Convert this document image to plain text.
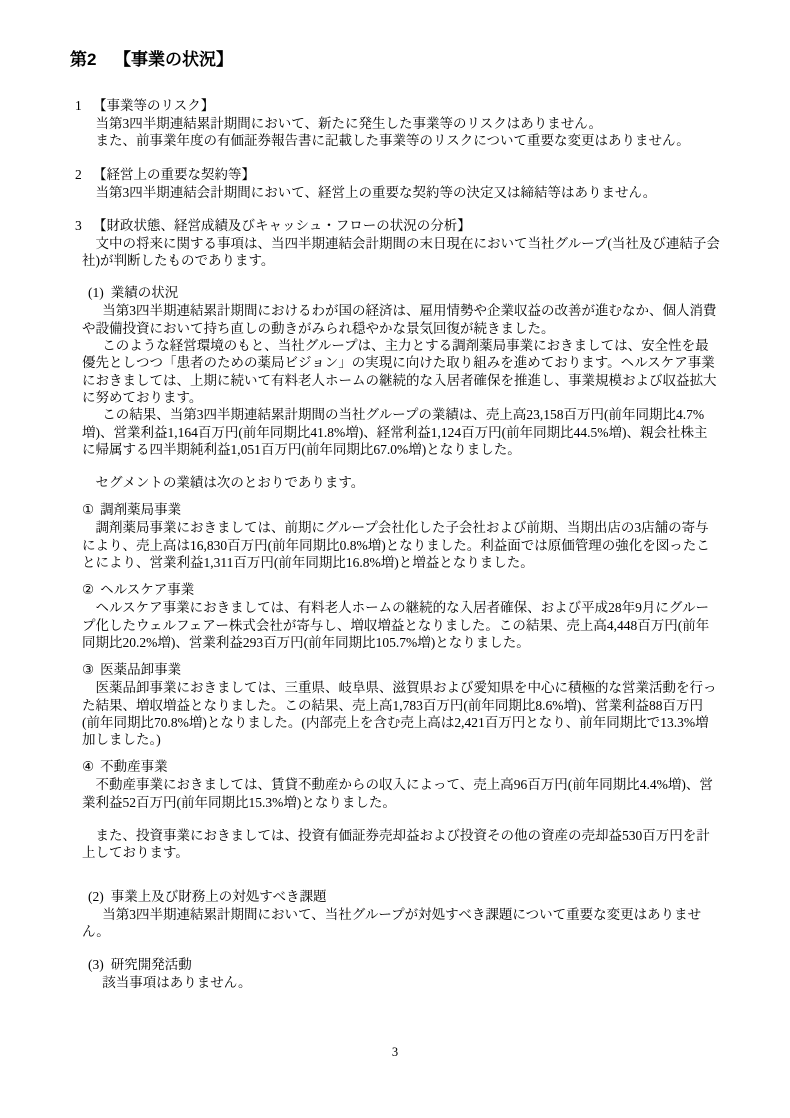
第2	【事業の状況】
1 【事業等のリスク】

当第3四半期連結累計期間において、新たに発生した事業等のリスクはありません。

また、前事業年度の有価証券報告書に記載した事業等のリスクについて重要な変更はありません。

2 【経営上の重要な契約等】

当第3四半期連結会計期間において、経営上の重要な契約等の決定又は締結等はありません。

3 【財政状態、経営成績及びキャッシュ・フローの状況の分析】

文中の将来に関する事項は、当四半期連結会計期間の末日現在において当社グループ(当社及び連結子会社)が判断したものであります。

(1) 業績の状況

当第3四半期連結累計期間におけるわが国の経済は、雇用情勢や企業収益の改善が進むなか、個人消費や設備投資において持ち直しの動きがみられ穏やかな景気回復が続きました。

このような経営環境のもと、当社グループは、主力とする調剤薬局事業におきましては、安全性を最優先としつつ「患者のための薬局ビジョン」の実現に向けた取り組みを進めております。ヘルスケア事業におきましては、上期に続いて有料老人ホームの継続的な入居者確保を推進し、事業規模および収益拡大に努めております。

この結果、当第3四半期連結累計期間の当社グループの業績は、売上高23,158百万円(前年同期比4.7%増)、営業利益1,164百万円(前年同期比41.8%増)、経常利益1,124百万円(前年同期比44.5%増)、親会社株主に帰属する四半期純利益1,051百万円(前年同期比67.0%増)となりました。

セグメントの業績は次のとおりであります。

① 調剤薬局事業

調剤薬局事業におきましては、前期にグループ会社化した子会社および前期、当期出店の3店舗の寄与により、売上高は16,830百万円(前年同期比0.8%増)となりました。利益面では原価管理の強化を図ったことにより、営業利益1,311百万円(前年同期比16.8%増)と増益となりました。

② ヘルスケア事業

ヘルスケア事業におきましては、有料老人ホームの継続的な入居者確保、および平成28年9月にグループ化したウェルフェアー株式会社が寄与し、増収増益となりました。この結果、売上高4,448百万円(前年同期比20.2%増)、営業利益293百万円(前年同期比105.7%増)となりました。

③ 医薬品卸事業

医薬品卸事業におきましては、三重県、岐阜県、滋賀県および愛知県を中心に積極的な営業活動を行った結果、増収増益となりました。この結果、売上高1,783百万円(前年同期比8.6%増)、営業利益88百万円(前年同期比70.8%増)となりました。(内部売上を含む売上高は2,421百万円となり、前年同期比で13.3%増加しました。)

④ 不動産事業

不動産事業におきましては、賃貸不動産からの収入によって、売上高96百万円(前年同期比4.4%増)、営業利益52百万円(前年同期比15.3%増)となりました。

また、投資事業におきましては、投資有価証券売却益および投資その他の資産の売却益530百万円を計上しております。

(2) 事業上及び財務上の対処すべき課題

当第3四半期連結累計期間において、当社グループが対処すべき課題について重要な変更はありません。

(3) 研究開発活動

該当事項はありません。

3
